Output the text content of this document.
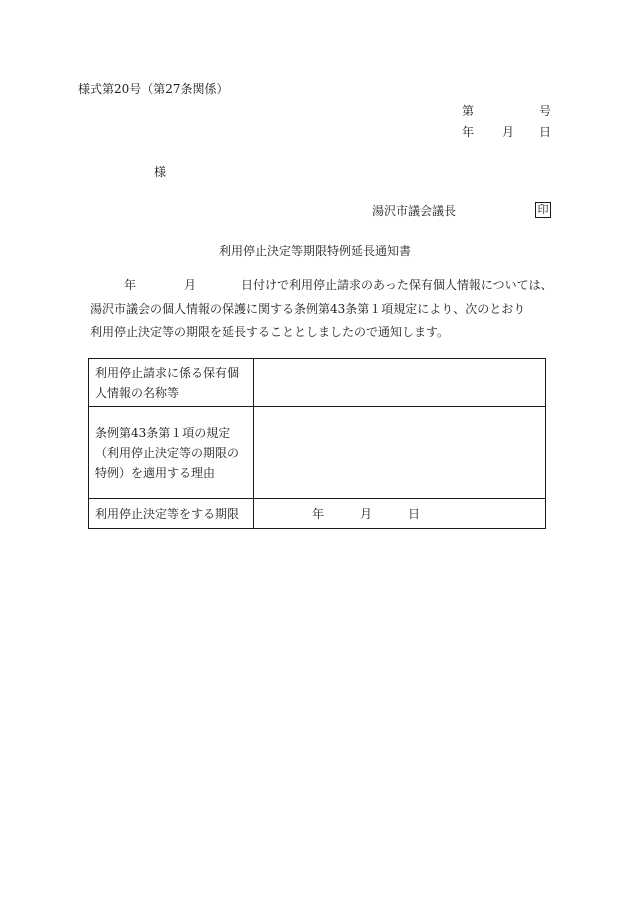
様式第20号（第27条関係）
第	号
年 月 日
様
湯沢市議会議長	印
利用停止決定等期限特例延長通知書
年	月	日付けで利用停止請求のあった保有個人情報については、
湯沢市議会の個人情報の保護に関する条例第43条第１項規定により、次のとおり
利用停止決定等の期限を延長することとしましたので通知します。
利用停止請求に係る保有個
人情報の名称等	

条例第43条第１項の規定
（利用停止決定等の期限の
特例）を適用する理由	

利用停止決定等をする期限	年 月 日
